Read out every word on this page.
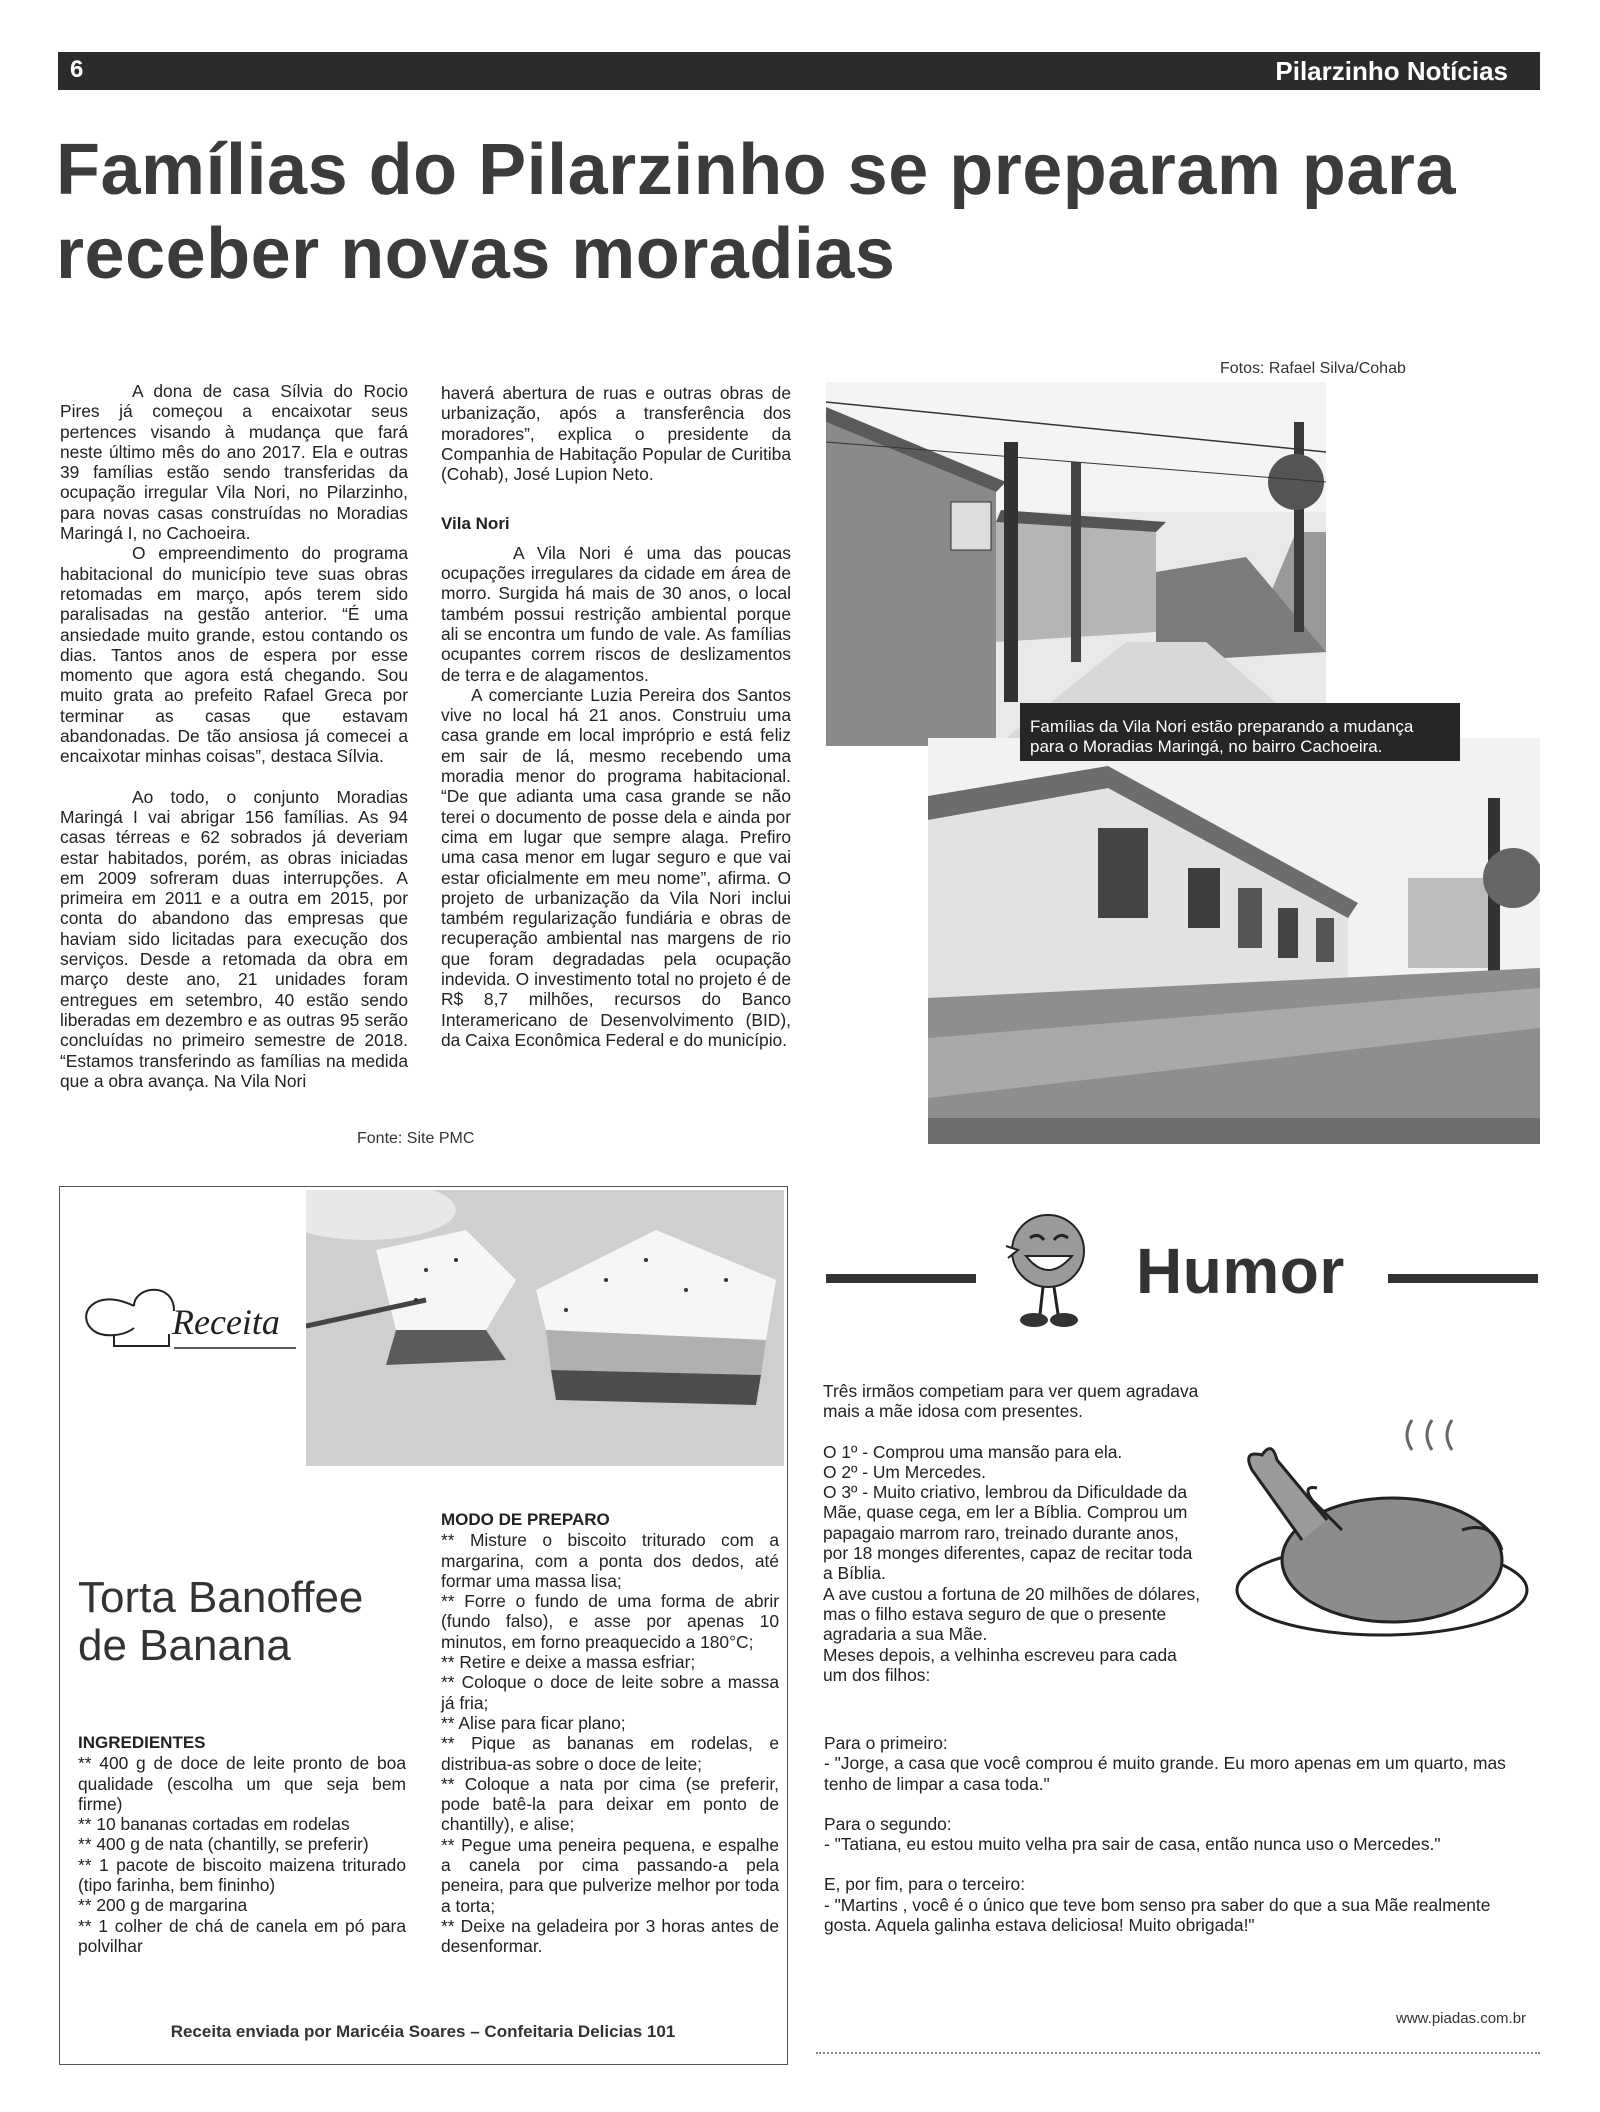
6	Pilarzinho Notícias
Famílias do Pilarzinho se preparam para receber novas moradias

A dona de casa Sílvia do Rocio Pires já começou a encaixotar seus pertences visando à mudança que fará neste último mês do ano 2017. Ela e outras 39 famílias estão sendo transferidas da ocupação irregular Vila Nori, no Pilarzinho, para novas casas construídas no Moradias Maringá I, no Cachoeira.

O empreendimento do programa habitacional do município teve suas obras retomadas em março, após terem sido paralisadas na gestão anterior. “É uma ansiedade muito grande, estou contando os dias. Tantos anos de espera por esse momento que agora está chegando. Sou muito grata ao prefeito Rafael Greca por terminar as casas que estavam abandonadas. De tão ansiosa já comecei a encaixotar minhas coisas”, destaca Sílvia.

Ao todo, o conjunto Moradias Maringá I vai abrigar 156 famílias. As 94 casas térreas e 62 sobrados já deveriam estar habitados, porém, as obras iniciadas em 2009 sofreram duas interrupções. A primeira em 2011 e a outra em 2015, por conta do abandono das empresas que haviam sido licitadas para execução dos serviços. Desde a retomada da obra em março deste ano, 21 unidades foram entregues em setembro, 40 estão sendo liberadas em dezembro e as outras 95 serão concluídas no primeiro semestre de 2018. “Estamos transferindo as famílias na medida que a obra avança. Na Vila Nori

haverá abertura de ruas e outras obras de urbanização, após a transferência dos moradores”, explica o presidente da Companhia de Habitação Popular de Curitiba (Cohab), José Lupion Neto.

Vila Nori

A Vila Nori é uma das poucas ocupações irregulares da cidade em área de morro. Surgida há mais de 30 anos, o local também possui restrição ambiental porque ali se encontra um fundo de vale. As famílias ocupantes correm riscos de deslizamentos de terra e de alagamentos.

A comerciante Luzia Pereira dos Santos vive no local há 21 anos. Construiu uma casa grande em local impróprio e está feliz em sair de lá, mesmo recebendo uma moradia menor do programa habitacional. “De que adianta uma casa grande se não terei o documento de posse dela e ainda por cima em lugar que sempre alaga. Prefiro uma casa menor em lugar seguro e que vai estar oficialmente em meu nome”, afirma. O projeto de urbanização da Vila Nori inclui também regularização fundiária e obras de recuperação ambiental nas margens de rio que foram degradadas pela ocupação indevida. O investimento total no projeto é de R$ 8,7 milhões, recursos do Banco Interamericano de Desenvolvimento (BID), da Caixa Econômica Federal e do município.

Fotos: Rafael Silva/Cohab
Famílias da Vila Nori estão preparando a mudança para o Moradias Maringá, no bairro Cachoeira.
Fonte: Site PMC
Receita
Torta Banoffee de Banana
INGREDIENTES

** 400 g de doce de leite pronto de boa qualidade (escolha um que seja bem firme)

** 10 bananas cortadas em rodelas

** 400 g de nata (chantilly, se preferir)

** 1 pacote de biscoito maizena triturado (tipo farinha, bem fininho)

** 200 g de margarina

** 1 colher de chá de canela em pó para polvilhar

MODO DE PREPARO

** Misture o biscoito triturado com a margarina, com a ponta dos dedos, até formar uma massa lisa;

** Forre o fundo de uma forma de abrir (fundo falso), e asse por apenas 10 minutos, em forno preaquecido a 180°C;

** Retire e deixe a massa esfriar;

** Coloque o doce de leite sobre a massa já fria;

** Alise para ficar plano;

** Pique as bananas em rodelas, e distribua-as sobre o doce de leite;

** Coloque a nata por cima (se preferir, pode batê-la para deixar em ponto de chantilly), e alise;

** Pegue uma peneira pequena, e espalhe a canela por cima passando-a pela peneira, para que pulverize melhor por toda a torta;

** Deixe na geladeira por 3 horas antes de desenformar.

Receita enviada por Maricéia Soares – Confeitaria Delicias 101
Humor

Três irmãos competiam para ver quem agradava mais a mãe idosa com presentes.

O 1º - Comprou uma mansão para ela.

O 2º - Um Mercedes.

O 3º - Muito criativo, lembrou da Dificuldade da Mãe, quase cega, em ler a Bíblia. Comprou um papagaio marrom raro, treinado durante anos, por 18 monges diferentes, capaz de recitar toda a Bíblia.

A ave custou a fortuna de 20 milhões de dólares, mas o filho estava seguro de que o presente agradaria a sua Mãe.

Meses depois, a velhinha escreveu para cada um dos filhos:

Para o primeiro:

- "Jorge, a casa que você comprou é muito grande. Eu moro apenas em um quarto, mas tenho de limpar a casa toda."

Para o segundo:

- "Tatiana, eu estou muito velha pra sair de casa, então nunca uso o Mercedes."

E, por fim, para o terceiro:

- "Martins , você é o único que teve bom senso pra saber do que a sua Mãe realmente gosta. Aquela galinha estava deliciosa! Muito obrigada!"

www.piadas.com.br
